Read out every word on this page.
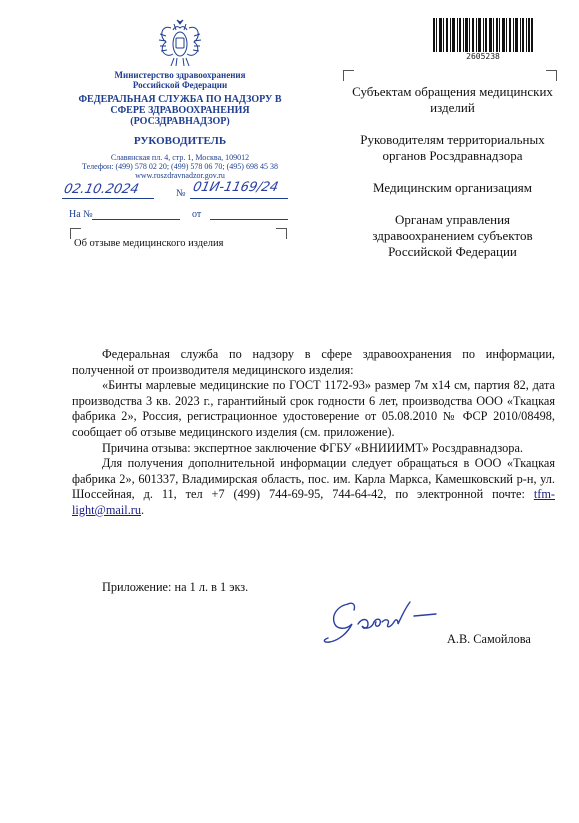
Министерство здравоохранения Российской Федерации
ФЕДЕРАЛЬНАЯ СЛУЖБА ПО НАДЗОРУ В СФЕРЕ ЗДРАВООХРАНЕНИЯ (РОСЗДРАВНАДЗОР)
РУКОВОДИТЕЛЬ
Славянская пл. 4, стр. 1, Москва, 109012
Телефон: (499) 578 02 20; (499) 578 06 70; (495) 698 45 38
www.roszdravnadzor.gov.ru
02.10.2024	№ 01И-1169/24
На №	от
Об отзыве медицинского изделия
2605238
Субъектам обращения медицинских изделий
Руководителям территориальных органов Росздравнадзора
Медицинским организациям
Органам управления здравоохранением субъектов Российской Федерации

Федеральная служба по надзору в сфере здравоохранения по информации, полученной от производителя медицинского изделия:

«Бинты марлевые медицинские по ГОСТ 1172-93» размер 7м х14 см, партия 82, дата производства 3 кв. 2023 г., гарантийный срок годности 6 лет, производства ООО «Ткацкая фабрика 2», Россия, регистрационное удостоверение от 05.08.2010 № ФСР 2010/08498, сообщает об отзыве медицинского изделия (см. приложение).

Причина отзыва: экспертное заключение ФГБУ «ВНИИИМТ» Росздравнадзора.

Для получения дополнительной информации следует обращаться в ООО «Ткацкая фабрика 2», 601337, Владимирская область, пос. им. Карла Маркса, Камешковский р-н, ул. Шоссейная, д. 11, тел +7 (499) 744-69-95, 744-64-42, по электронной почте: tfm-light@mail.ru.

Приложение: на 1 л. в 1 экз.
А.В. Самойлова
